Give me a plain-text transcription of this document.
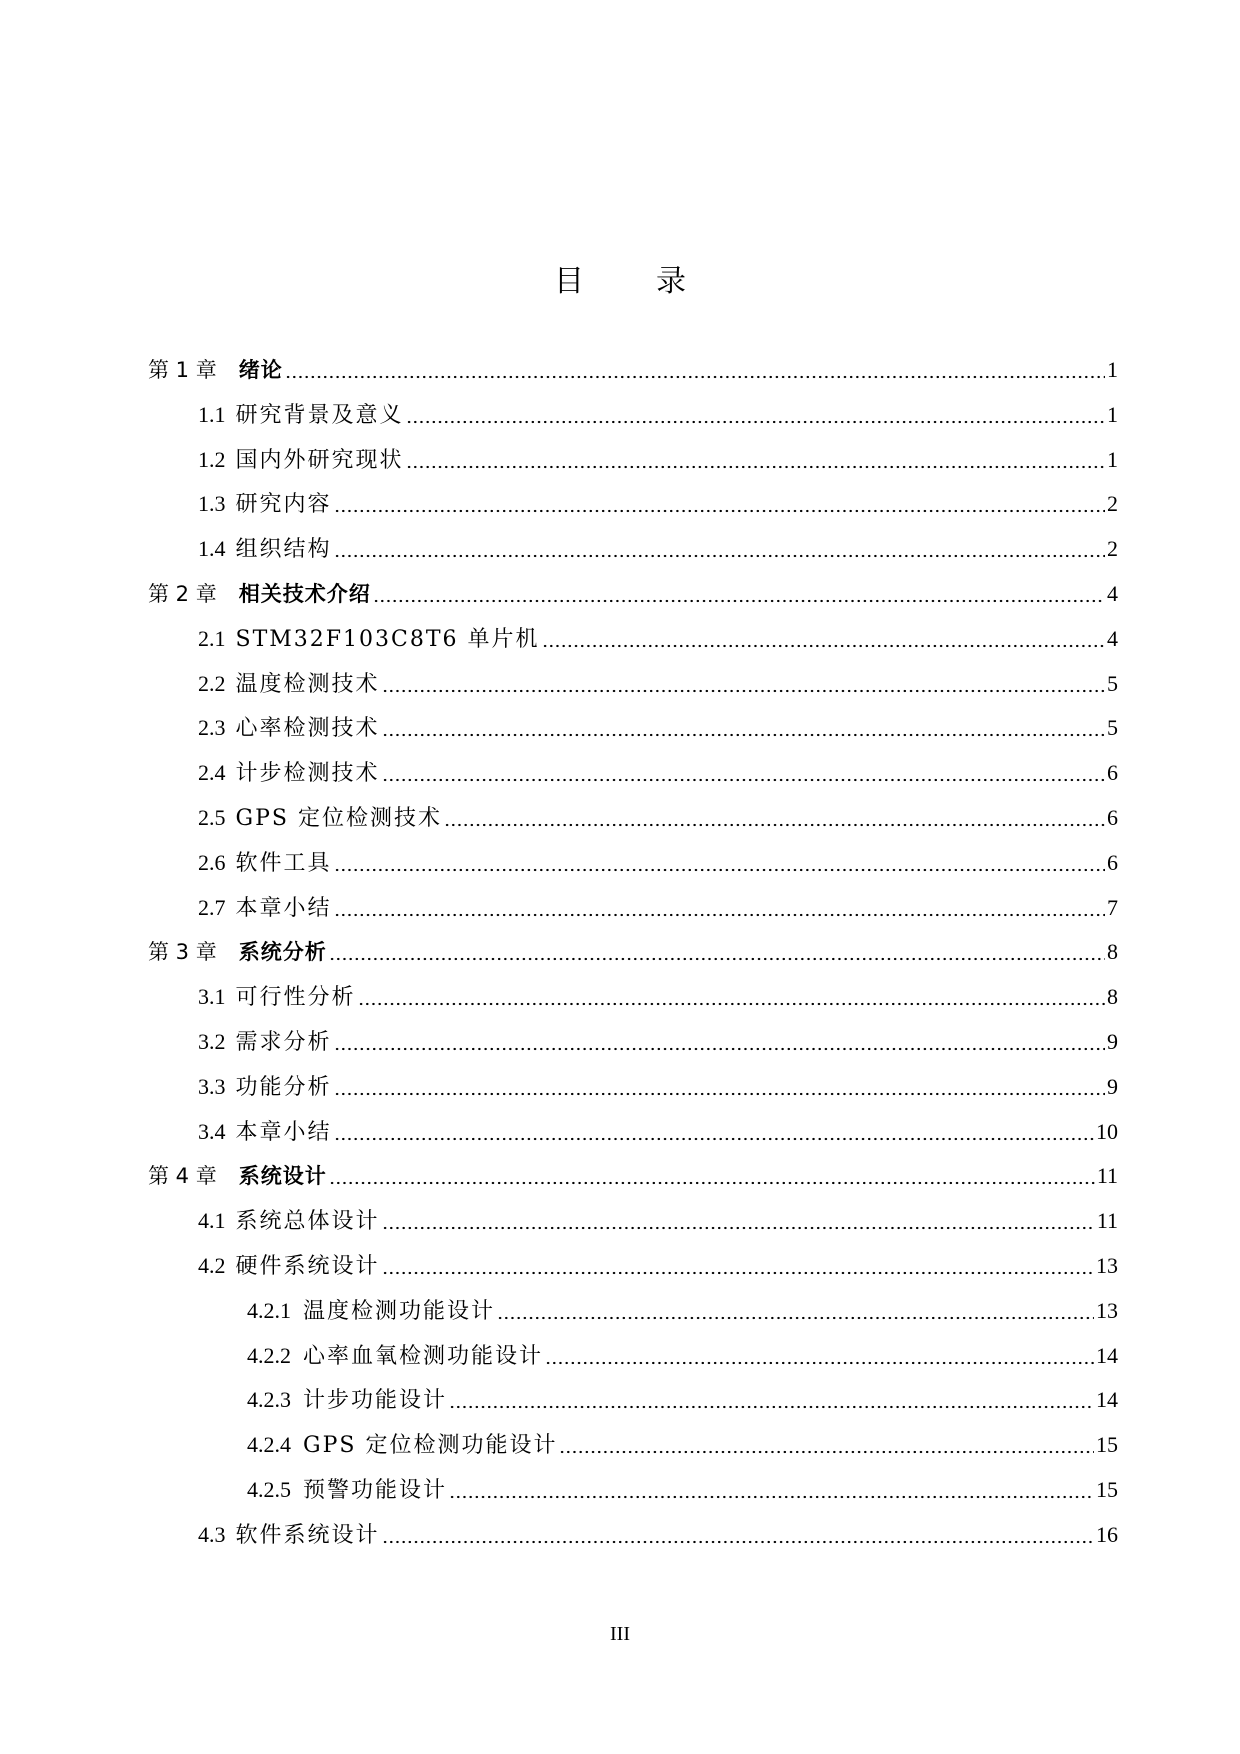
目 录
第 1 章 绪论	1
1.1 研究背景及意义	1
1.2 国内外研究现状	1
1.3 研究内容	2
1.4 组织结构	2
第 2 章 相关技术介绍	4
2.1 STM32F103C8T6 单片机	4
2.2 温度检测技术	5
2.3 心率检测技术	5
2.4 计步检测技术	6
2.5 GPS 定位检测技术	6
2.6 软件工具	6
2.7 本章小结	7
第 3 章 系统分析	8
3.1 可行性分析	8
3.2 需求分析	9
3.3 功能分析	9
3.4 本章小结	10
第 4 章 系统设计	11
4.1 系统总体设计	11
4.2 硬件系统设计	13
4.2.1 温度检测功能设计	13
4.2.2 心率血氧检测功能设计	14
4.2.3 计步功能设计	14
4.2.4 GPS 定位检测功能设计	15
4.2.5 预警功能设计	15
4.3 软件系统设计	16
III
